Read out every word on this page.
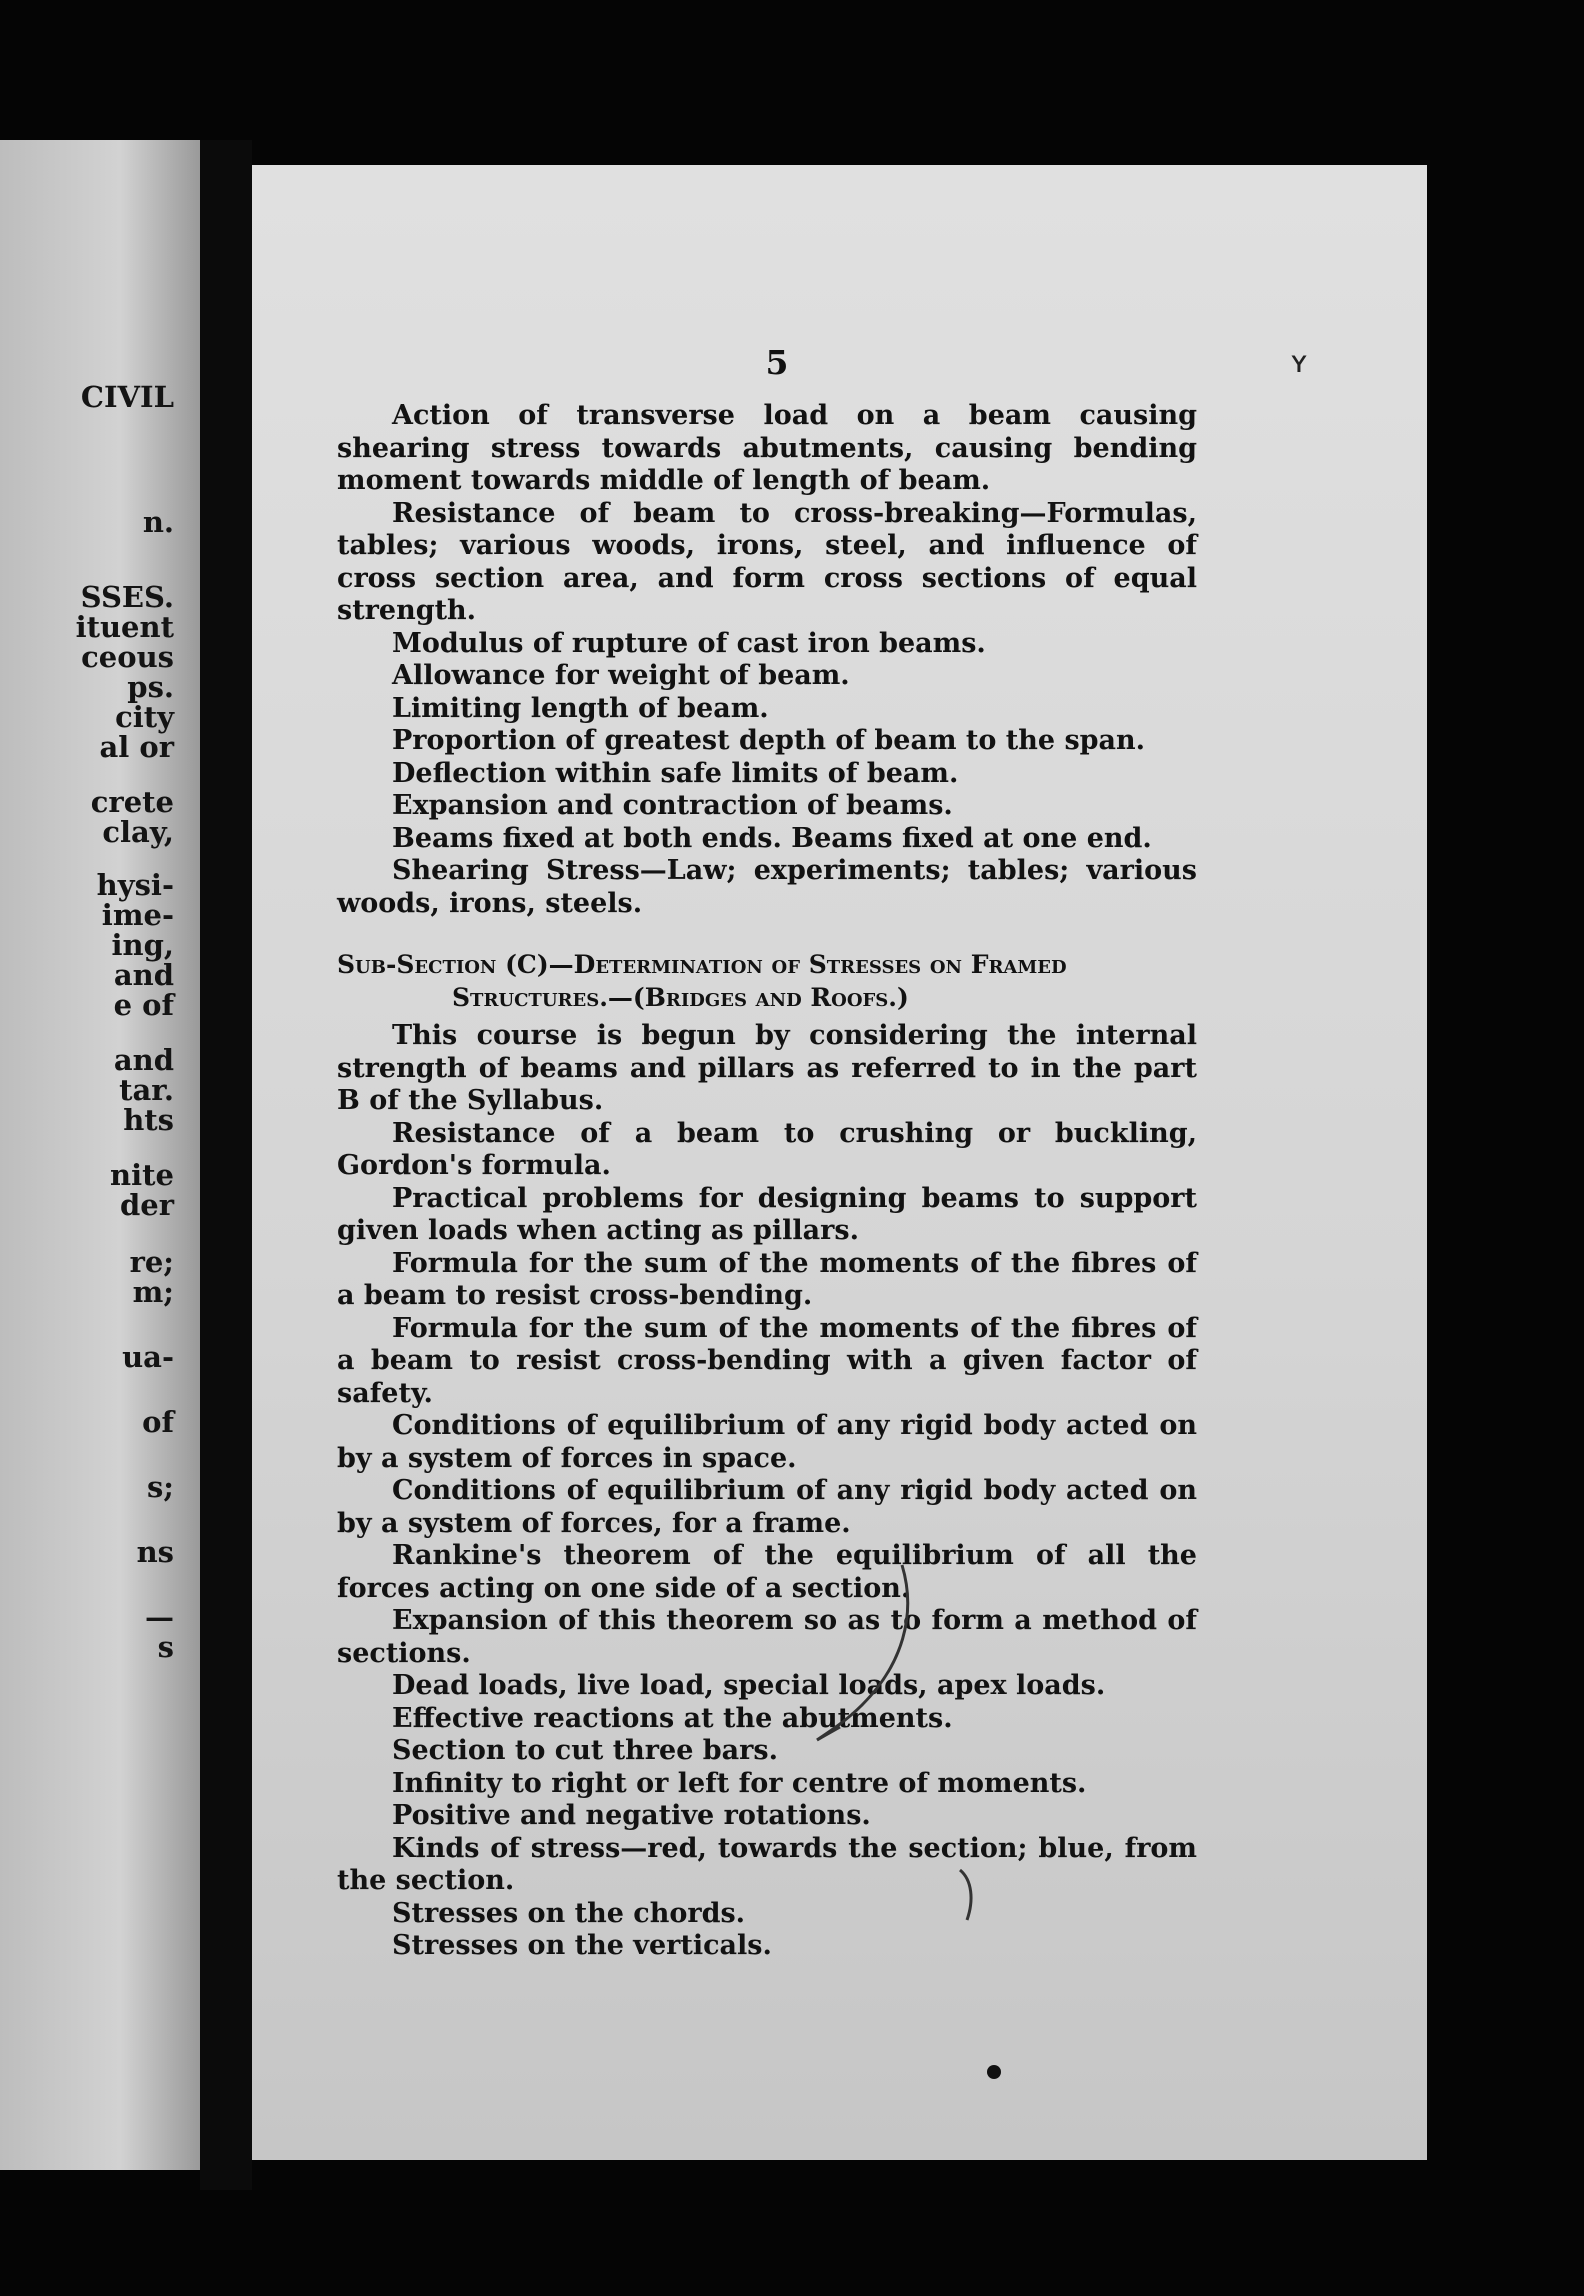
CIVIL
n.
SSES.
ituent
ceous
ps.
city
al or
crete
clay,
hysi-
ime-
ing,
and
e of
and
tar.
hts
nite
der
re;
m;
ua-
of
s;
ns
—
s
5
Action of transverse load on a beam causing shearing stress towards abutments, causing bending moment towards middle of length of beam.
Resistance of beam to cross-breaking—Formulas, tables; various woods, irons, steel, and influence of cross section area, and form cross sections of equal strength.
Modulus of rupture of cast iron beams.
Allowance for weight of beam.
Limiting length of beam.
Proportion of greatest depth of beam to the span.
Deflection within safe limits of beam.
Expansion and contraction of beams.
Beams fixed at both ends. Beams fixed at one end.
Shearing Stress—Law; experiments; tables; various woods, irons, steels.
Sub-Section (C)—Determination of Stresses on Framed
Structures.—(Bridges and Roofs.)
This course is begun by considering the internal strength of beams and pillars as referred to in the part B of the Syllabus.
Resistance of a beam to crushing or buckling, Gordon's formula.
Practical problems for designing beams to support given loads when acting as pillars.
Formula for the sum of the moments of the fibres of a beam to resist cross-bending.
Formula for the sum of the moments of the fibres of a beam to resist cross-bending with a given factor of safety.
Conditions of equilibrium of any rigid body acted on by a system of forces in space.
Conditions of equilibrium of any rigid body acted on by a system of forces, for a frame.
Rankine's theorem of the equilibrium of all the forces acting on one side of a section.
Expansion of this theorem so as to form a method of sections.
Dead loads, live load, special loads, apex loads.
Effective reactions at the abutments.
Section to cut three bars.
Infinity to right or left for centre of moments.
Positive and negative rotations.
Kinds of stress—red, towards the section; blue, from the section.
Stresses on the chords.
Stresses on the verticals.
ʏ
